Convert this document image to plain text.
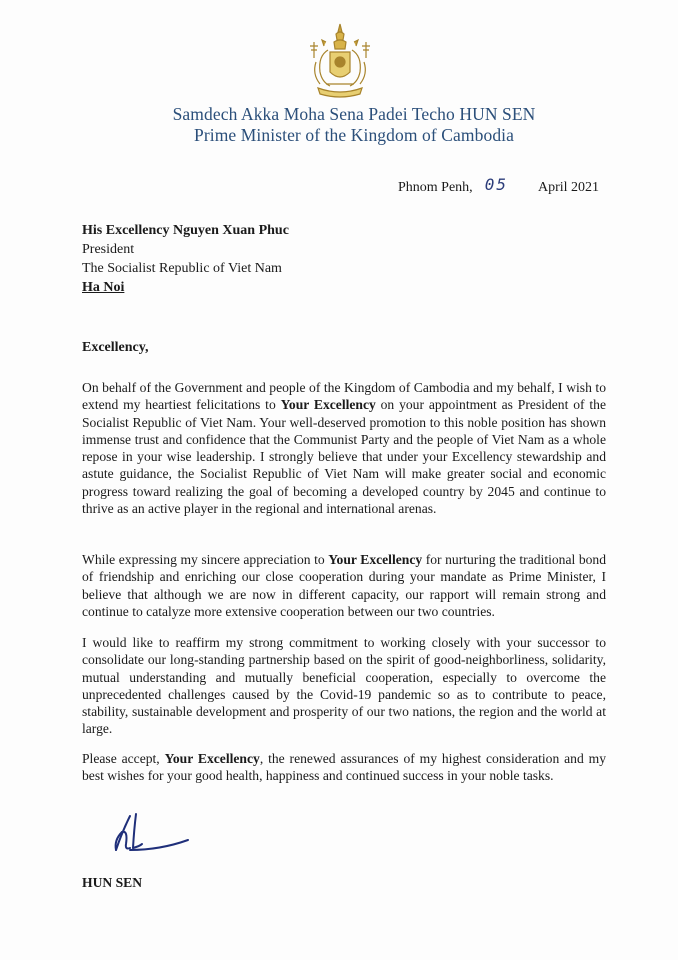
Samdech Akka Moha Sena Padei Techo HUN SEN
Prime Minister of the Kingdom of Cambodia
Phnom Penh, 05 April 2021
His Excellency Nguyen Xuan Phuc
President
The Socialist Republic of Viet Nam
Ha Noi
Excellency,

On behalf of the Government and people of the Kingdom of Cambodia and my behalf, I wish to extend my heartiest felicitations to Your Excellency on your appointment as President of the Socialist Republic of Viet Nam. Your well-deserved promotion to this noble position has shown immense trust and confidence that the Communist Party and the people of Viet Nam as a whole repose in your wise leadership. I strongly believe that under your Excellency stewardship and astute guidance, the Socialist Republic of Viet Nam will make greater social and economic progress toward realizing the goal of becoming a developed country by 2045 and continue to thrive as an active player in the regional and international arenas.

While expressing my sincere appreciation to Your Excellency for nurturing the traditional bond of friendship and enriching our close cooperation during your mandate as Prime Minister, I believe that although we are now in different capacity, our rapport will remain strong and continue to catalyze more extensive cooperation between our two countries.

I would like to reaffirm my strong commitment to working closely with your successor to consolidate our long-standing partnership based on the spirit of good-neighborliness, solidarity, mutual understanding and mutually beneficial cooperation, especially to overcome the unprecedented challenges caused by the Covid-19 pandemic so as to contribute to peace, stability, sustainable development and prosperity of our two nations, the region and the world at large.

Please accept, Your Excellency, the renewed assurances of my highest consideration and my best wishes for your good health, happiness and continued success in your noble tasks.

HUN SEN
